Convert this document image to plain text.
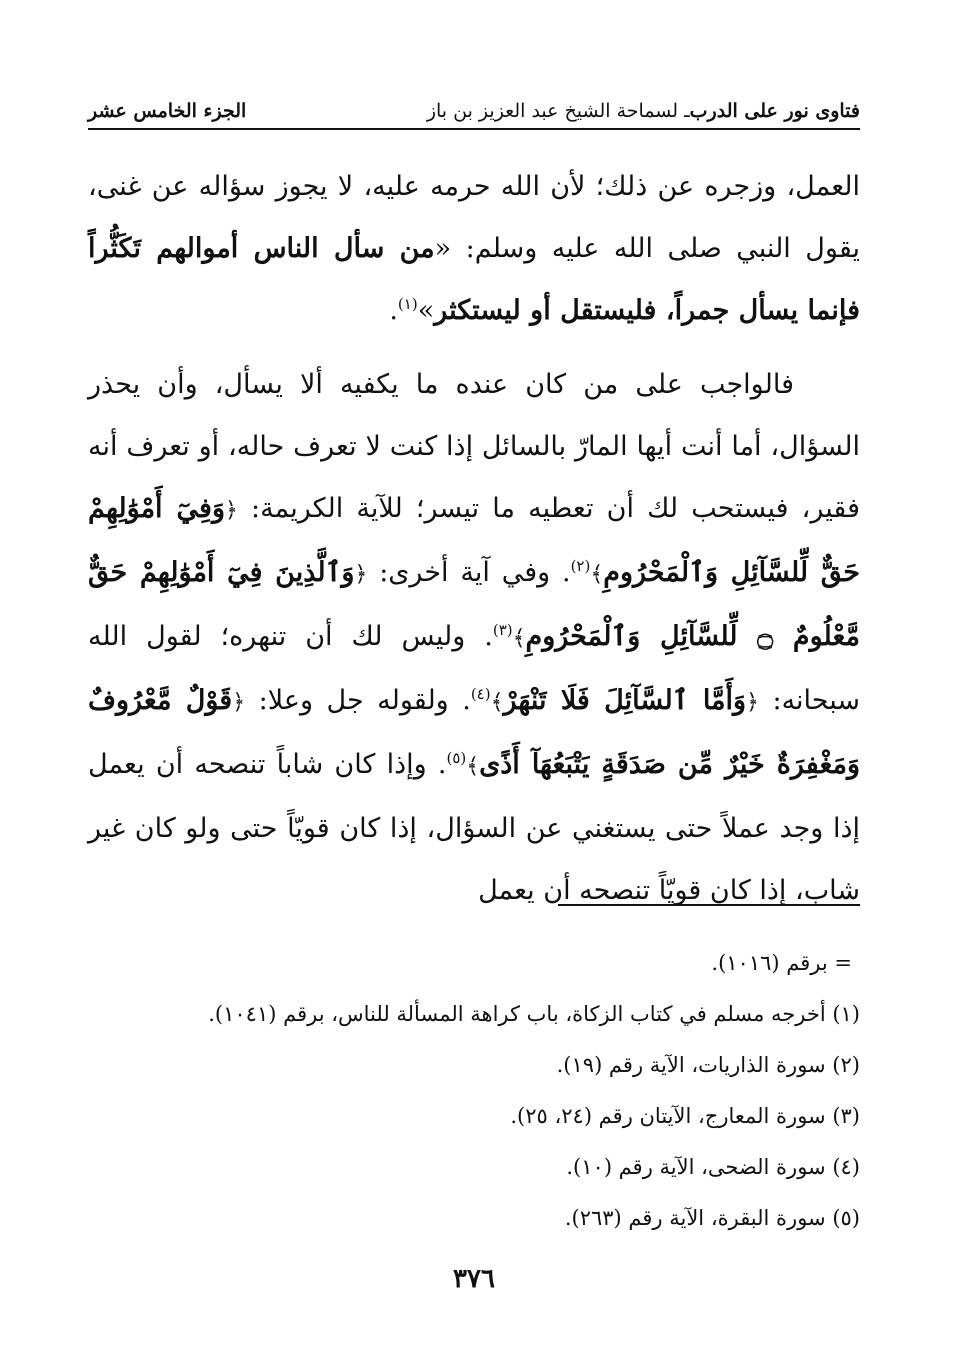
فتاوى نور على الدرب
ـ لسماحة الشيخ عبد العزيز بن باز
الجزء الخامس عشر

العمل، وزجره عن ذلك؛ لأن الله حرمه عليه، لا يجوز سؤاله عن غنى، يقول النبي صلى الله عليه وسلم: «من سأل الناس أموالهم تَكَثُّراً فإنما يسأل جمراً، فليستقل أو ليستكثر»$^{(١)}$.

فالواجب على من كان عنده ما يكفيه ألا يسأل، وأن يحذر السؤال، أما أنت أيها المارّ بالسائل إذا كنت لا تعرف حاله، أو تعرف أنه فقير، فيستحب لك أن تعطيه ما تيسر؛ للآية الكريمة: ﴿وَفِيٓ أَمْوَٰلِهِمْ حَقٌّ لِّلسَّآئِلِ وَٱلْمَحْرُومِ﴾$^{(٢)}$. وفي آية أخرى: ﴿وَٱلَّذِينَ فِيٓ أَمْوَٰلِهِمْ حَقٌّ مَّعْلُومٌ ۝ لِّلسَّآئِلِ وَٱلْمَحْرُومِ﴾$^{(٣)}$. وليس لك أن تنهره؛ لقول الله سبحانه: ﴿وَأَمَّا ٱلسَّآئِلَ فَلَا تَنْهَرْ﴾$^{(٤)}$. ولقوله جل وعلا: ﴿قَوْلٌ مَّعْرُوفٌ وَمَغْفِرَةٌ خَيْرٌ مِّن صَدَقَةٍ يَتْبَعُهَآ أَذًى﴾$^{(٥)}$. وإذا كان شاباً تنصحه أن يعمل إذا وجد عملاً حتى يستغني عن السؤال، إذا كان قويّاً حتى ولو كان غير شاب، إذا كان قويّاً تنصحه أن يعمل

= برقم (١٠١٦).

(١) أخرجه مسلم في كتاب الزكاة، باب كراهة المسألة للناس، برقم (١٠٤١).

(٢) سورة الذاريات، الآية رقم (١٩).

(٣) سورة المعارج، الآيتان رقم (٢٤، ٢٥).

(٤) سورة الضحى، الآية رقم (١٠).

(٥) سورة البقرة، الآية رقم (٢٦٣).

٣٧٦
